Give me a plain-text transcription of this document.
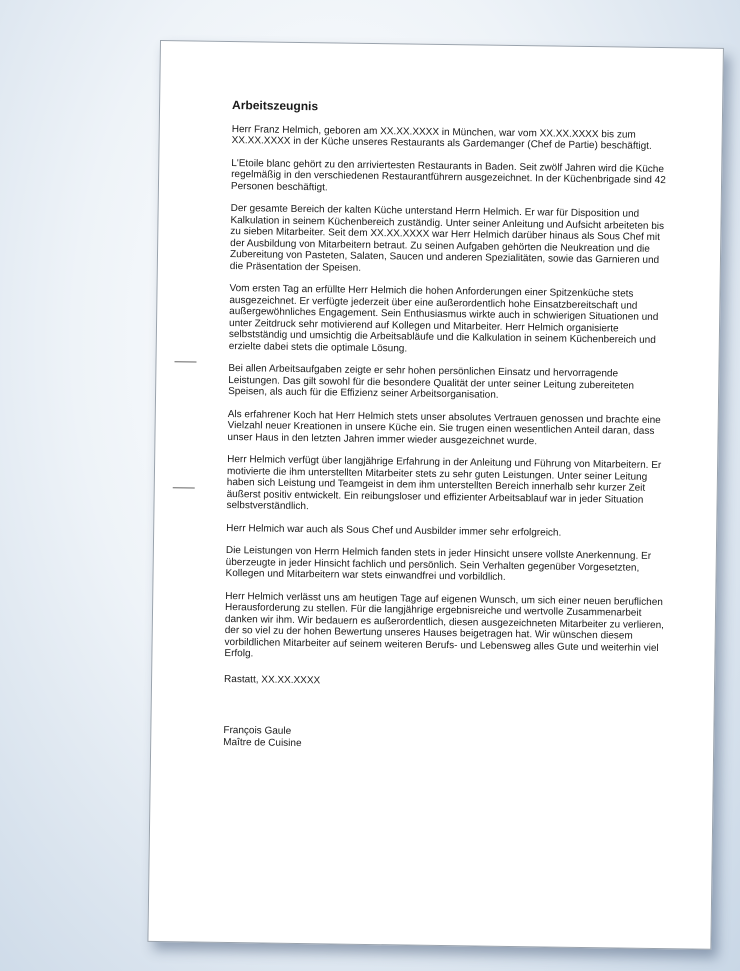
Arbeitszeugnis

Herr Franz Helmich, geboren am XX.XX.XXXX in München, war vom XX.XX.XXXX bis zum XX.XX.XXXX in der Küche unseres Restaurants als Gardemanger (Chef de Partie) beschäftigt.

L'Etoile blanc gehört zu den arriviertesten Restaurants in Baden. Seit zwölf Jahren wird die Küche regelmäßig in den verschiedenen Restaurantführern ausgezeichnet. In der Küchenbrigade sind 42 Personen beschäftigt.

Der gesamte Bereich der kalten Küche unterstand Herrn Helmich. Er war für Disposition und Kalkulation in seinem Küchenbereich zuständig. Unter seiner Anleitung und Aufsicht arbeiteten bis zu sieben Mitarbeiter. Seit dem XX.XX.XXXX war Herr Helmich darüber hinaus als Sous Chef mit der Ausbildung von Mitarbeitern betraut. Zu seinen Aufgaben gehörten die Neukreation und die Zubereitung von Pasteten, Salaten, Saucen und anderen Spezialitäten, sowie das Garnieren und die Präsentation der Speisen.

Vom ersten Tag an erfüllte Herr Helmich die hohen Anforderungen einer Spitzenküche stets ausgezeichnet. Er verfügte jederzeit über eine außerordentlich hohe Einsatzbereitschaft und außergewöhnliches Engagement. Sein Enthusiasmus wirkte auch in schwierigen Situationen und unter Zeitdruck sehr motivierend auf Kollegen und Mitarbeiter. Herr Helmich organisierte selbstständig und umsichtig die Arbeitsabläufe und die Kalkulation in seinem Küchenbereich und erzielte dabei stets die optimale Lösung.

Bei allen Arbeitsaufgaben zeigte er sehr hohen persönlichen Einsatz und hervorragende Leistungen. Das gilt sowohl für die besondere Qualität der unter seiner Leitung zubereiteten Speisen, als auch für die Effizienz seiner Arbeitsorganisation.

Als erfahrener Koch hat Herr Helmich stets unser absolutes Vertrauen genossen und brachte eine Vielzahl neuer Kreationen in unsere Küche ein. Sie trugen einen wesentlichen Anteil daran, dass unser Haus in den letzten Jahren immer wieder ausgezeichnet wurde.

Herr Helmich verfügt über langjährige Erfahrung in der Anleitung und Führung von Mitarbeitern. Er motivierte die ihm unterstellten Mitarbeiter stets zu sehr guten Leistungen. Unter seiner Leitung haben sich Leistung und Teamgeist in dem ihm unterstellten Bereich innerhalb sehr kurzer Zeit äußerst positiv entwickelt. Ein reibungsloser und effizienter Arbeitsablauf war in jeder Situation selbstverständlich.

Herr Helmich war auch als Sous Chef und Ausbilder immer sehr erfolgreich.

Die Leistungen von Herrn Helmich fanden stets in jeder Hinsicht unsere vollste Anerkennung. Er überzeugte in jeder Hinsicht fachlich und persönlich. Sein Verhalten gegenüber Vorgesetzten, Kollegen und Mitarbeitern war stets einwandfrei und vorbildlich.

Herr Helmich verlässt uns am heutigen Tage auf eigenen Wunsch, um sich einer neuen beruflichen Herausforderung zu stellen. Für die langjährige ergebnisreiche und wertvolle Zusammenarbeit danken wir ihm. Wir bedauern es außerordentlich, diesen ausgezeichneten Mitarbeiter zu verlieren, der so viel zu der hohen Bewertung unseres Hauses beigetragen hat. Wir wünschen diesem vorbildlichen Mitarbeiter auf seinem weiteren Berufs- und Lebensweg alles Gute und weiterhin viel Erfolg.

Rastatt, XX.XX.XXXX

François Gaule
Maître de Cuisine
